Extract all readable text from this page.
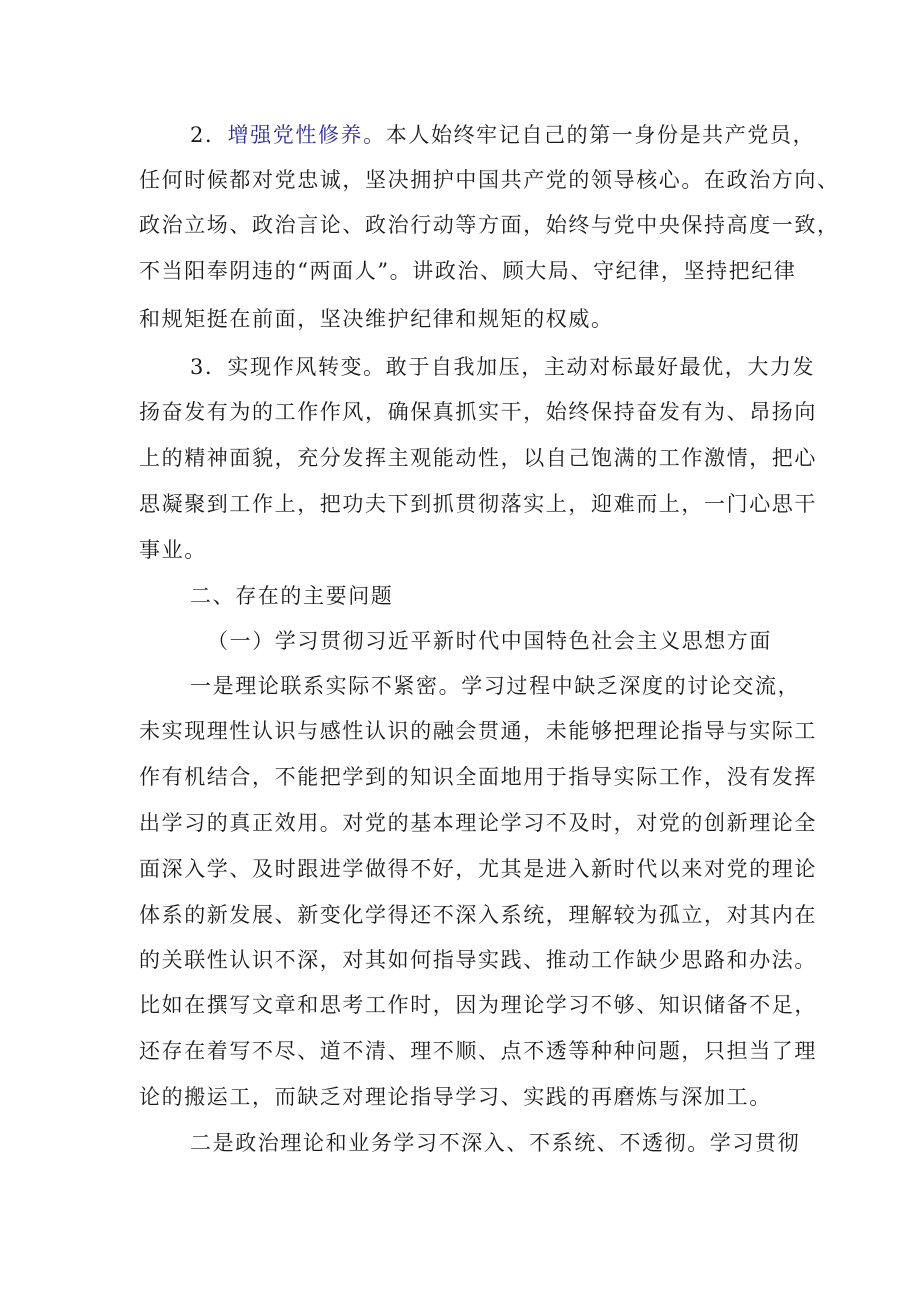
2．增强党性修养。本人始终牢记自己的第一身份是共产党员，
任何时候都对党忠诚，坚决拥护中国共产党的领导核心。在政治方向、
政治立场、政治言论、政治行动等方面，始终与党中央保持高度一致，
不当阳奉阴违的“两面人”。讲政治、顾大局、守纪律，坚持把纪律
和规矩挺在前面，坚决维护纪律和规矩的权威。
3．实现作风转变。敢于自我加压，主动对标最好最优，大力发
扬奋发有为的工作作风，确保真抓实干，始终保持奋发有为、昂扬向
上的精神面貌，充分发挥主观能动性，以自己饱满的工作激情，把心
思凝聚到工作上，把功夫下到抓贯彻落实上，迎难而上，一门心思干
事业。
二、存在的主要问题
（一）学习贯彻习近平新时代中国特色社会主义思想方面
一是理论联系实际不紧密。学习过程中缺乏深度的讨论交流，
未实现理性认识与感性认识的融会贯通，未能够把理论指导与实际工
作有机结合，不能把学到的知识全面地用于指导实际工作，没有发挥
出学习的真正效用。对党的基本理论学习不及时，对党的创新理论全
面深入学、及时跟进学做得不好，尤其是进入新时代以来对党的理论
体系的新发展、新变化学得还不深入系统，理解较为孤立，对其内在
的关联性认识不深，对其如何指导实践、推动工作缺少思路和办法。
比如在撰写文章和思考工作时，因为理论学习不够、知识储备不足，
还存在着写不尽、道不清、理不顺、点不透等种种问题，只担当了理
论的搬运工，而缺乏对理论指导学习、实践的再磨炼与深加工。
二是政治理论和业务学习不深入、不系统、不透彻。学习贯彻
